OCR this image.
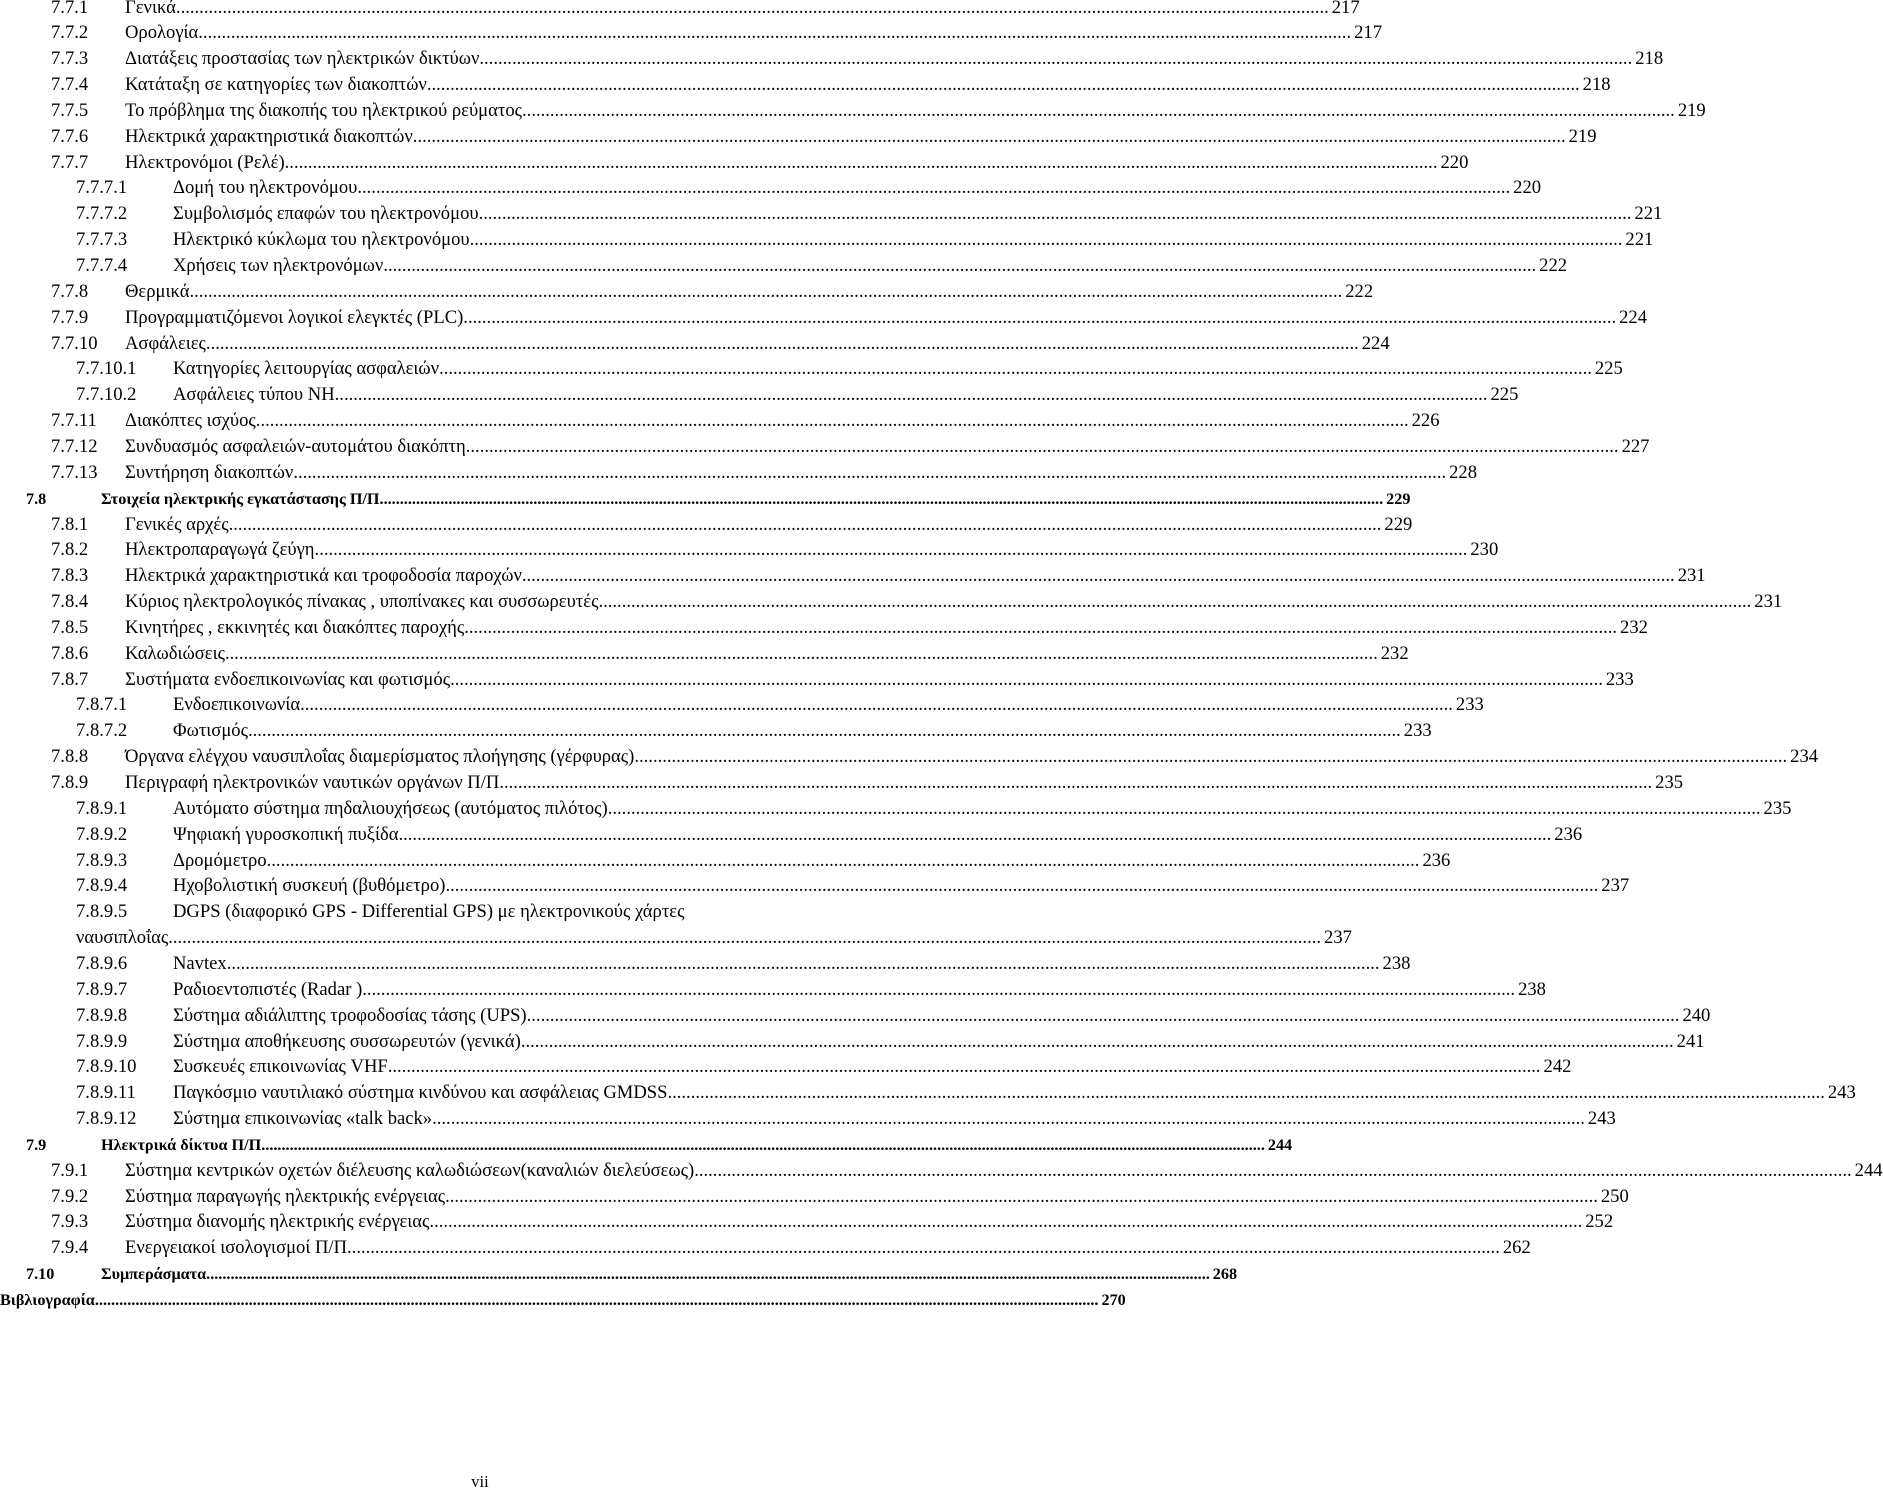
7.7.1	Γενικά .....	217
7.7.2	Ορολογία .....	217
7.7.3	Διατάξεις προστασίας των ηλεκτρικών δικτύων .....	218
7.7.4	Κατάταξη σε κατηγορίες των διακοπτών .....	218
7.7.5	Το πρόβλημα της διακοπής του ηλεκτρικού ρεύματος .....	219
7.7.6	Ηλεκτρικά χαρακτηριστικά διακοπτών .....	219
7.7.7	Ηλεκτρονόμοι (Ρελέ) .....	220
7.7.7.1	Δομή του ηλεκτρονόμου .....	220
7.7.7.2	Συμβολισμός επαφών του ηλεκτρονόμου .....	221
7.7.7.3	Ηλεκτρικό κύκλωμα του ηλεκτρονόμου .....	221
7.7.7.4	Χρήσεις των ηλεκτρονόμων .....	222
7.7.8	Θερμικά .....	222
7.7.9	Προγραμματιζόμενοι λογικοί ελεγκτές (PLC) .....	224
7.7.10	Ασφάλειες .....	224
7.7.10.1	Κατηγορίες λειτουργίας ασφαλειών .....	225
7.7.10.2	Ασφάλειες τύπου ΝΗ .....	225
7.7.11	Διακόπτες ισχύος .....	226
7.7.12	Συνδυασμός ασφαλειών-αυτομάτου διακόπτη .....	227
7.7.13	Συντήρηση διακοπτών .....	228
7.8	Στοιχεία ηλεκτρικής εγκατάστασης Π/Π .....	229
7.8.1	Γενικές αρχές .....	229
7.8.2	Ηλεκτροπαραγωγά ζεύγη .....	230
7.8.3	Ηλεκτρικά χαρακτηριστικά και τροφοδοσία παροχών .....	231
7.8.4	Κύριος ηλεκτρολογικός πίνακας , υποπίνακες και συσσωρευτές .....	231
7.8.5	Κινητήρες , εκκινητές και διακόπτες παροχής .....	232
7.8.6	Καλωδιώσεις .....	232
7.8.7	Συστήματα ενδοεπικοινωνίας και φωτισμός .....	233
7.8.7.1	Ενδοεπικοινωνία .....	233
7.8.7.2	Φωτισμός .....	233
7.8.8	Όργανα ελέγχου ναυσιπλοΐας διαμερίσματος πλοήγησης (γέρφυρας) .....	234
7.8.9	Περιγραφή ηλεκτρονικών ναυτικών οργάνων Π/Π .....	235
7.8.9.1	Αυτόματο σύστημα πηδαλιουχήσεως (αυτόματος πιλότος) .....	235
7.8.9.2	Ψηφιακή γυροσκοπική πυξίδα .....	236
7.8.9.3	Δρομόμετρο .....	236
7.8.9.4	Ηχοβολιστική συσκευή (βυθόμετρο) .....	237
7.8.9.5 DGPS (διαφορικό GPS - Differential GPS) με ηλεκτρονικούς χάρτες
ναυσιπλοΐας .....	237
7.8.9.6	Navtex .....	238
7.8.9.7	Ραδιοεντοπιστές (Radar ) .....	238
7.8.9.8	Σύστημα αδιάλιπτης τροφοδοσίας τάσης (UPS) .....	240
7.8.9.9	Σύστημα αποθήκευσης συσσωρευτών (γενικά) .....	241
7.8.9.10	Συσκευές επικοινωνίας VHF .....	242
7.8.9.11	Παγκόσμιο ναυτιλιακό σύστημα κινδύνου και ασφάλειας GMDSS. .....	243
7.8.9.12	Σύστημα επικοινωνίας «talk back» .....	243
7.9	Ηλεκτρικά δίκτυα Π/Π .....	244
7.9.1	Σύστημα κεντρικών οχετών διέλευσης καλωδιώσεων(καναλιών διελεύσεως). .....	244
7.9.2	Σύστημα παραγωγής ηλεκτρικής ενέργειας .....	250
7.9.3	Σύστημα διανομής ηλεκτρικής ενέργειας .....	252
7.9.4	Ενεργειακοί ισολογισμοί Π/Π .....	262
7.10	Συμπεράσματα .....	268
Βιβλιογραφία .....	270
vii
